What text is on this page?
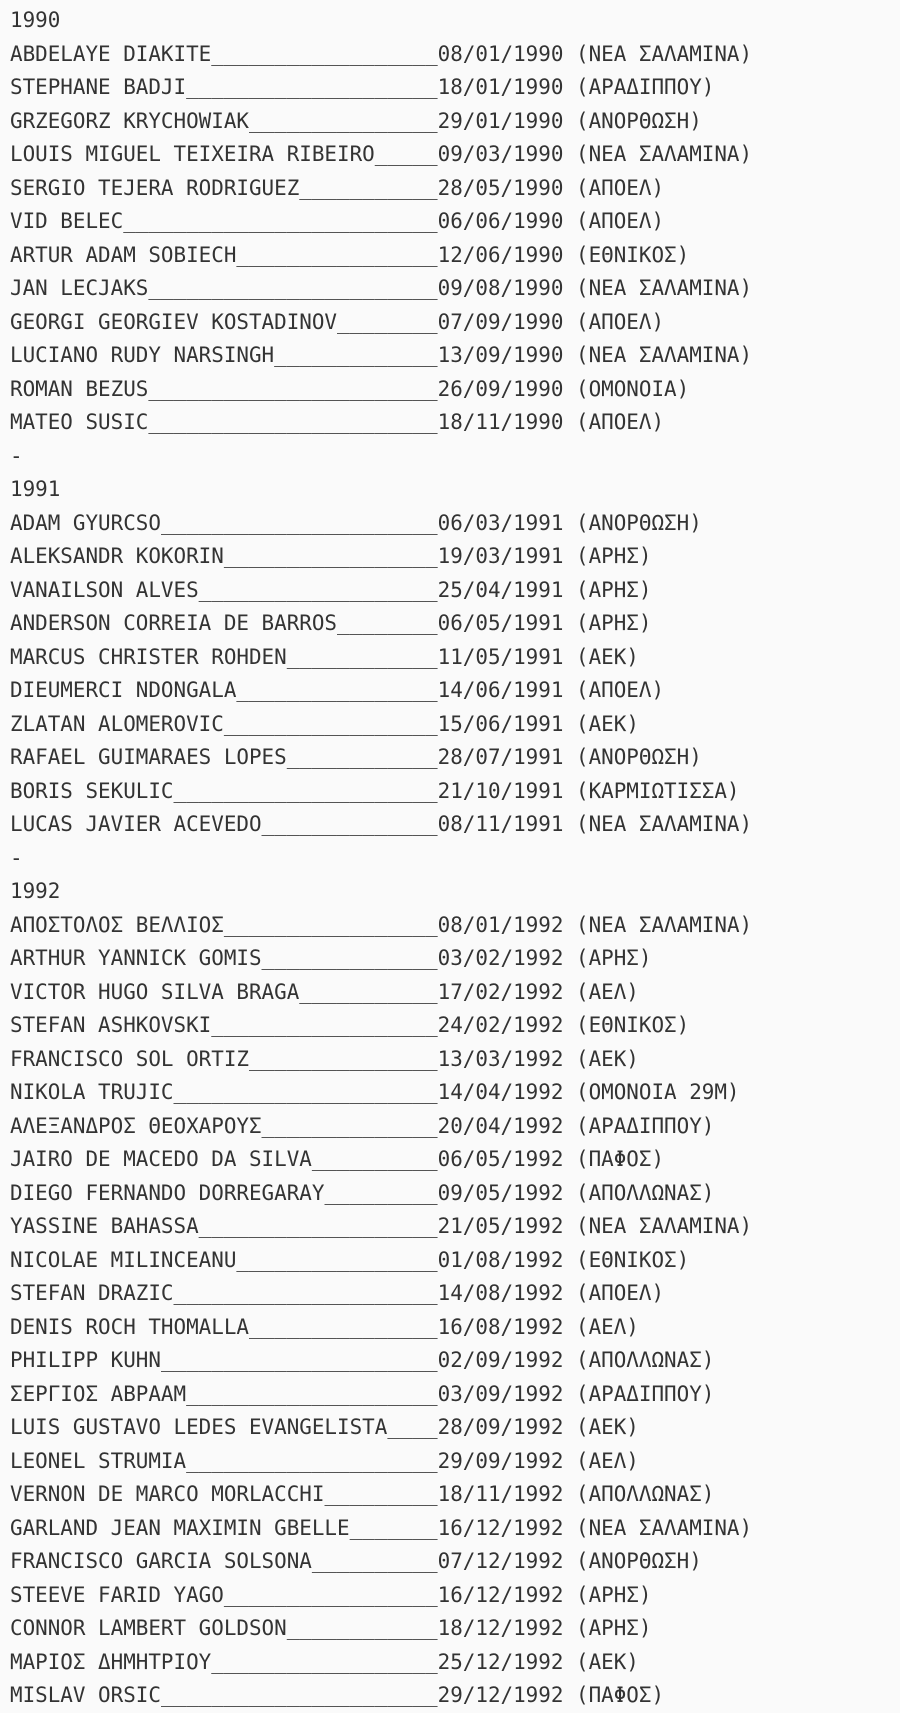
1990
ABDELAYE DIAKITE__________________08/01/1990 (ΝΕΑ ΣΑΛΑΜΙΝΑ)
STEPHANE BADJI____________________18/01/1990 (ΑΡΑΔΙΠΠΟΥ)
GRZEGORZ KRYCHOWIAK_______________29/01/1990 (ΑΝΟΡΘΩΣΗ)
LOUIS MIGUEL TEIXEIRA RIBEIRO_____09/03/1990 (ΝΕΑ ΣΑΛΑΜΙΝΑ)
SERGIO TEJERA RODRIGUEZ___________28/05/1990 (ΑΠΟΕΛ)
VID BELEC_________________________06/06/1990 (ΑΠΟΕΛ)
ARTUR ADAM SOBIECH________________12/06/1990 (ΕΘΝΙΚΟΣ)
JAN LECJAKS_______________________09/08/1990 (ΝΕΑ ΣΑΛΑΜΙΝΑ)
GEORGI GEORGIEV KOSTADINOV________07/09/1990 (ΑΠΟΕΛ)
LUCIANO RUDY NARSINGH_____________13/09/1990 (ΝΕΑ ΣΑΛΑΜΙΝΑ)
ROMAN BEZUS_______________________26/09/1990 (ΟΜΟΝΟΙΑ)
MATEO SUSIC_______________________18/11/1990 (ΑΠΟΕΛ)
-
1991
ADAM GYURCSO______________________06/03/1991 (ΑΝΟΡΘΩΣΗ)
ALEKSANDR KOKORIN_________________19/03/1991 (ΑΡΗΣ)
VANAILSON ALVES___________________25/04/1991 (ΑΡΗΣ)
ANDERSON CORREIA DE BARROS________06/05/1991 (ΑΡΗΣ)
MARCUS CHRISTER ROHDEN____________11/05/1991 (ΑΕΚ)
DIEUMERCI NDONGALA________________14/06/1991 (ΑΠΟΕΛ)
ZLATAN ALOMEROVIC_________________15/06/1991 (ΑΕΚ)
RAFAEL GUIMARAES LOPES____________28/07/1991 (ΑΝΟΡΘΩΣΗ)
BORIS SEKULIC_____________________21/10/1991 (ΚΑΡΜΙΩΤΙΣΣΑ)
LUCAS JAVIER ACEVEDO______________08/11/1991 (ΝΕΑ ΣΑΛΑΜΙΝΑ)
-
1992
ΑΠΟΣΤΟΛΟΣ ΒΕΛΛΙΟΣ_________________08/01/1992 (ΝΕΑ ΣΑΛΑΜΙΝΑ)
ARTHUR YANNICK GOMIS______________03/02/1992 (ΑΡΗΣ)
VICTOR HUGO SILVA BRAGA___________17/02/1992 (ΑΕΛ)
STEFAN ASHKOVSKI__________________24/02/1992 (ΕΘΝΙΚΟΣ)
FRANCISCO SOL ORTIZ_______________13/03/1992 (ΑΕΚ)
NIKOLA TRUJIC_____________________14/04/1992 (ΟΜΟΝΟΙΑ 29Μ)
ΑΛΕΞΑΝΔΡΟΣ ΘΕΟΧΑΡΟΥΣ______________20/04/1992 (ΑΡΑΔΙΠΠΟΥ)
JAIRO DE MACEDO DA SILVA__________06/05/1992 (ΠΑΦΟΣ)
DIEGO FERNANDO DORREGARAY_________09/05/1992 (ΑΠΟΛΛΩΝΑΣ)
YASSINE BAHASSA___________________21/05/1992 (ΝΕΑ ΣΑΛΑΜΙΝΑ)
NICOLAE MILINCEANU________________01/08/1992 (ΕΘΝΙΚΟΣ)
STEFAN DRAZIC_____________________14/08/1992 (ΑΠΟΕΛ)
DENIS ROCH THOMALLA_______________16/08/1992 (ΑΕΛ)
PHILIPP KUHN______________________02/09/1992 (ΑΠΟΛΛΩΝΑΣ)
ΣΕΡΓΙΟΣ ΑΒΡΑΑΜ____________________03/09/1992 (ΑΡΑΔΙΠΠΟΥ)
LUIS GUSTAVO LEDES EVANGELISTA____28/09/1992 (ΑΕΚ)
LEONEL STRUMIA____________________29/09/1992 (ΑΕΛ)
VERNON DE MARCO MORLACCHI_________18/11/1992 (ΑΠΟΛΛΩΝΑΣ)
GARLAND JEAN MAXIMIN GBELLE_______16/12/1992 (ΝΕΑ ΣΑΛΑΜΙΝΑ)
FRANCISCO GARCIA SOLSONA__________07/12/1992 (ΑΝΟΡΘΩΣΗ)
STEEVE FARID YAGO_________________16/12/1992 (ΑΡΗΣ)
CONNOR LAMBERT GOLDSON____________18/12/1992 (ΑΡΗΣ)
ΜΑΡΙΟΣ ΔΗΜΗΤΡΙΟΥ__________________25/12/1992 (ΑΕΚ)
MISLAV ORSIC______________________29/12/1992 (ΠΑΦΟΣ)
